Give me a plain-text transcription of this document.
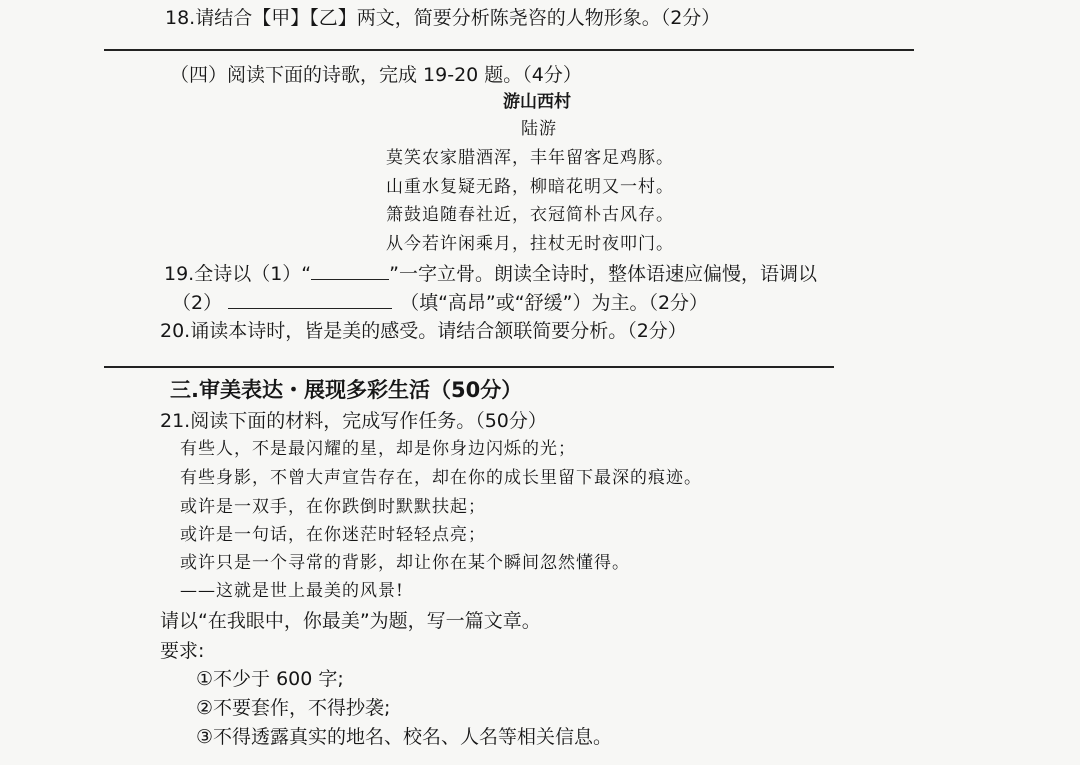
18.请结合【甲】【乙】两文，简要分析陈尧咨的人物形象。（2分）
（四）阅读下面的诗歌，完成 19-20 题。（4分）
游山西村
陆游
莫笑农家腊酒浑，丰年留客足鸡豚。
山重水复疑无路，柳暗花明又一村。
箫鼓追随春社近，衣冠简朴古风存。
从今若许闲乘月，拄杖无时夜叩门。
19.全诗以（1）“	”一字立骨。朗读全诗时，整体语速应偏慢，语调以
（2）	（填“高昂”或“舒缓”）为主。（2分）
20.诵读本诗时，皆是美的感受。请结合颔联简要分析。（2分）
三.审美表达・展现多彩生活（50分）
21.阅读下面的材料，完成写作任务。（50分）
有些人，不是最闪耀的星，却是你身边闪烁的光；
有些身影，不曾大声宣告存在，却在你的成长里留下最深的痕迹。
或许是一双手，在你跌倒时默默扶起；
或许是一句话，在你迷茫时轻轻点亮；
或许只是一个寻常的背影，却让你在某个瞬间忽然懂得。
——这就是世上最美的风景!
请以“在我眼中，你最美”为题，写一篇文章。
要求:
①不少于 600 字;
②不要套作，不得抄袭;
③不得透露真实的地名、校名、人名等相关信息。
